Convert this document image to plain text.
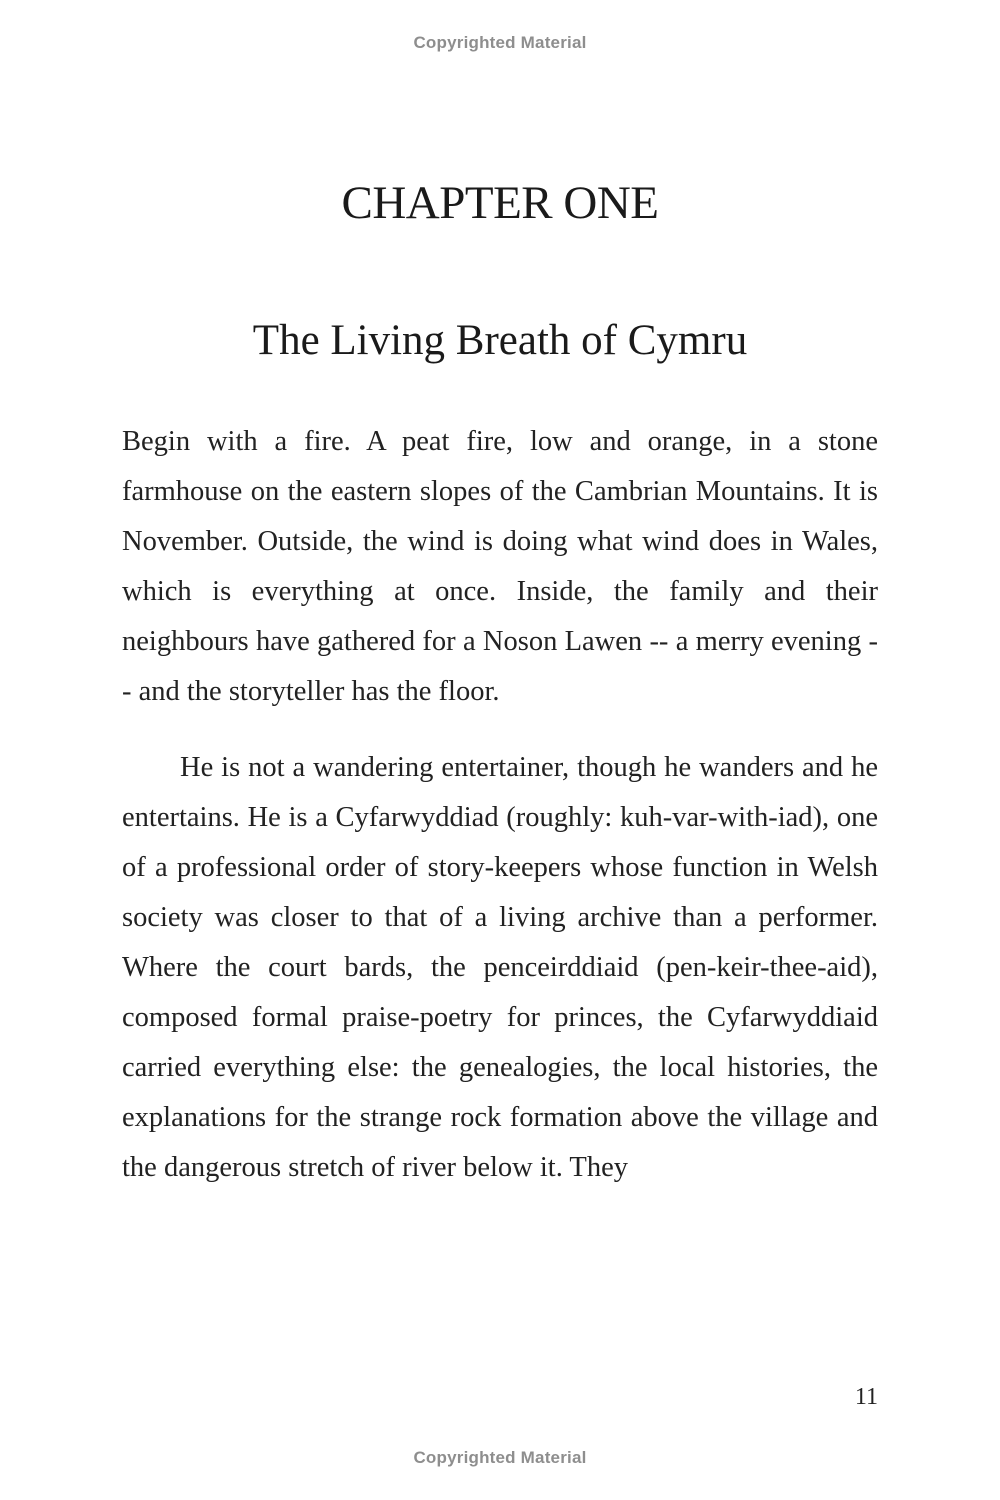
Copyrighted Material
CHAPTER ONE
The Living Breath of Cymru

Begin with a fire. A peat fire, low and orange, in a stone farmhouse on the eastern slopes of the Cambrian Mountains. It is November. Outside, the wind is doing what wind does in Wales, which is everything at once. Inside, the family and their neighbours have gathered for a Noson Lawen -- a merry evening -- and the storyteller has the floor.

He is not a wandering entertainer, though he wanders and he entertains. He is a Cyfarwyddiad (roughly: kuh-var-with-iad), one of a professional order of story-keepers whose function in Welsh society was closer to that of a living archive than a performer. Where the court bards, the penceirddiaid (pen-keir-thee-aid), composed formal praise-poetry for princes, the Cyfarwyddiaid carried everything else: the genealogies, the local histories, the explanations for the strange rock formation above the village and the dangerous stretch of river below it. They

11
Copyrighted Material
